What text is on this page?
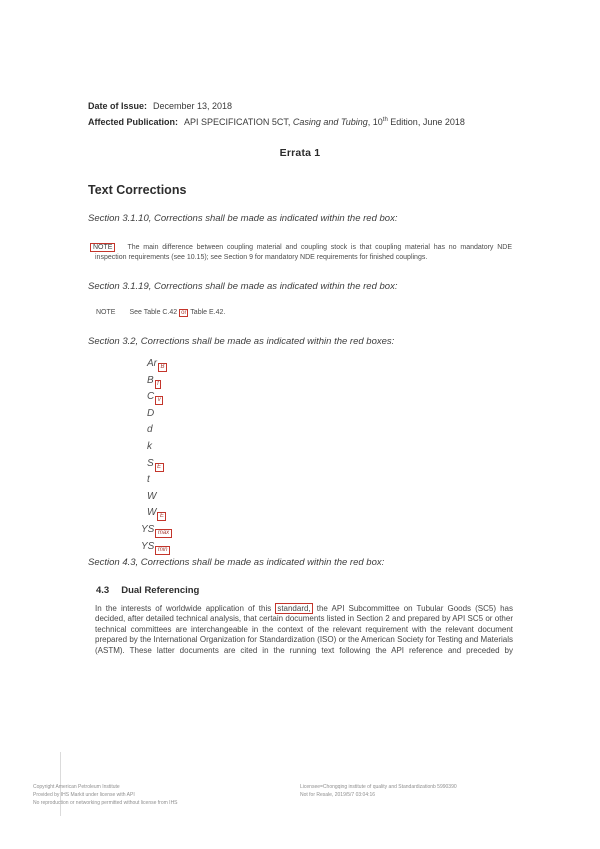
Date of Issue: December 13, 2018
Affected Publication: API SPECIFICATION 5CT, Casing and Tubing, 10th Edition, June 2018
Errata 1
Text Corrections
Section 3.1.10, Corrections shall be made as indicated within the red box:
NOTE The main difference between coupling material and coupling stock is that coupling material has no mandatory NDE inspection requirements (see 10.15); see Section 9 for mandatory NDE requirements for finished couplings.
Section 3.1.19, Corrections shall be made as indicated within the red box:
NOTE See Table C.42 or Table E.42.
Section 3.2, Corrections shall be made as indicated within the red boxes:
Ar B
B f
C v
D
d
k
S E
t
W
W E
YS max
YS min
Section 4.3, Corrections shall be made as indicated within the red box:
4.3 Dual Referencing
In the interests of worldwide application of this standard, the API Subcommittee on Tubular Goods (SC5) has decided, after detailed technical analysis, that certain documents listed in Section 2 and prepared by API SC5 or other technical committees are interchangeable in the context of the relevant requirement with the relevant document prepared by the International Organization for Standardization (ISO) or the American Society for Testing and Materials (ASTM). These latter documents are cited in the running text following the API reference and preceded by
Copyright American Petroleum Institute
Provided by IHS Markit under license with API
No reproduction or networking permitted without license from IHS
Licensee=Chongqing institute of quality and Standardizationb 5990390
Not for Resale, 2019/5/7 03:04:16
